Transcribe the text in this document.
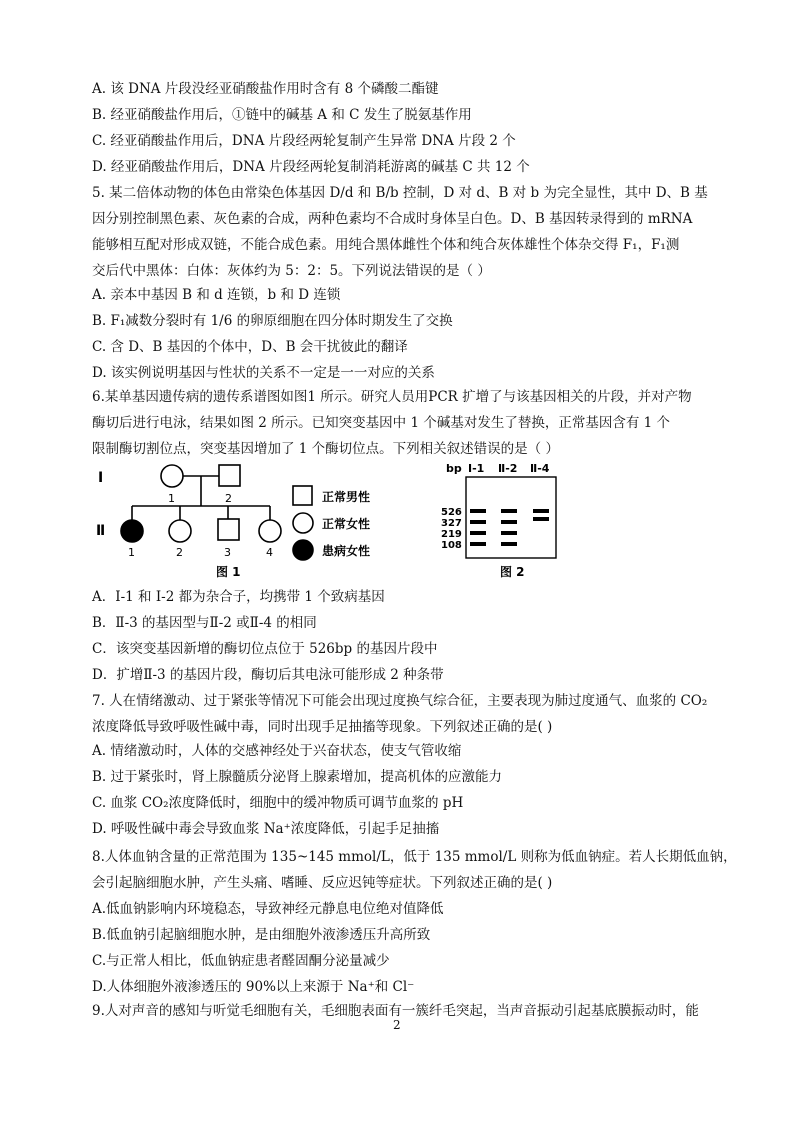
A. 该 DNA 片段没经亚硝酸盐作用时含有 8 个磷酸二酯键
B. 经亚硝酸盐作用后，①链中的碱基 A 和 C 发生了脱氨基作用
C. 经亚硝酸盐作用后，DNA 片段经两轮复制产生异常 DNA 片段 2 个
D. 经亚硝酸盐作用后，DNA 片段经两轮复制消耗游离的碱基 C 共 12 个
5. 某二倍体动物的体色由常染色体基因 D/d 和 B/b 控制，D 对 d、B 对 b 为完全显性，其中 D、B 基
因分别控制黑色素、灰色素的合成，两种色素均不合成时身体呈白色。D、B 基因转录得到的 mRNA
能够相互配对形成双链，不能合成色素。用纯合黑体雌性个体和纯合灰体雄性个体杂交得 F₁，F₁测
交后代中黑体：白体：灰体约为 5：2：5。下列说法错误的是（ ）
A. 亲本中基因 B 和 d 连锁，b 和 D 连锁
B. F₁减数分裂时有 1/6 的卵原细胞在四分体时期发生了交换
C. 含 D、B 基因的个体中，D、B 会干扰彼此的翻译
D. 该实例说明基因与性状的关系不一定是一一对应的关系
6.某单基因遗传病的遗传系谱图如图1 所示。研究人员用PCR 扩增了与该基因相关的片段，并对产物
酶切后进行电泳，结果如图 2 所示。已知突变基因中 1 个碱基对发生了替换，正常基因含有 1 个
限制酶切割位点，突变基因增加了 1 个酶切位点。下列相关叙述错误的是（ ）
I
Ⅱ
1	2
1	2	3	4
正常男性
正常女性
患病女性
图 1
bp Ⅰ-1 Ⅱ-2 Ⅱ-4
526
327
219
108
图 2
A．I-1 和 I-2 都为杂合子，均携带 1 个致病基因
B．Ⅱ-3 的基因型与Ⅱ-2 或Ⅱ-4 的相同
C．该突变基因新增的酶切位点位于 526bp 的基因片段中
D．扩增Ⅱ-3 的基因片段，酶切后其电泳可能形成 2 种条带
7. 人在情绪激动、过于紧张等情况下可能会出现过度换气综合征，主要表现为肺过度通气、血浆的 CO₂
浓度降低导致呼吸性碱中毒，同时出现手足抽搐等现象。下列叙述正确的是( )
A. 情绪激动时，人体的交感神经处于兴奋状态，使支气管收缩
B. 过于紧张时，肾上腺髓质分泌肾上腺素增加，提高机体的应激能力
C. 血浆 CO₂浓度降低时，细胞中的缓冲物质可调节血浆的 pH
D. 呼吸性碱中毒会导致血浆 Na⁺浓度降低，引起手足抽搐
8.人体血钠含量的正常范围为 135~145 mmol/L，低于 135 mmol/L 则称为低血钠症。若人长期低血钠，
会引起脑细胞水肿，产生头痛、嗜睡、反应迟钝等症状。下列叙述正确的是( )
A.低血钠影响内环境稳态，导致神经元静息电位绝对值降低
B.低血钠引起脑细胞水肿，是由细胞外液渗透压升高所致
C.与正常人相比，低血钠症患者醛固酮分泌量减少
D.人体细胞外液渗透压的 90%以上来源于 Na⁺和 Cl⁻
9.人对声音的感知与听觉毛细胞有关，毛细胞表面有一簇纤毛突起，当声音振动引起基底膜振动时，能
2
